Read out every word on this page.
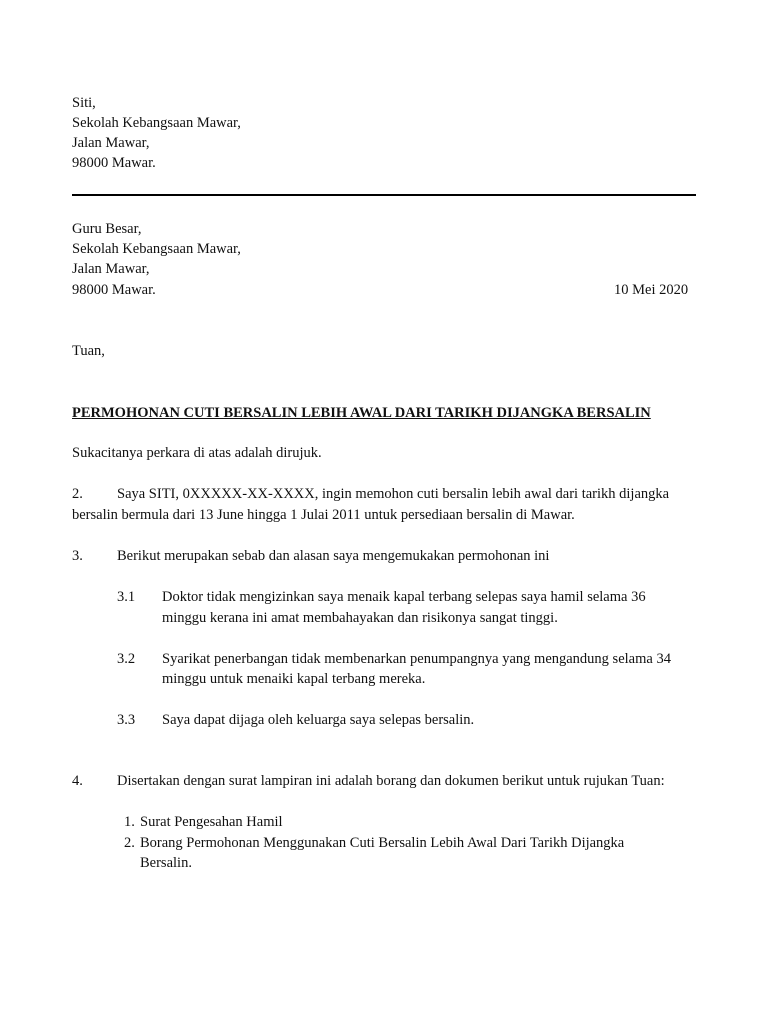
Siti,
Sekolah Kebangsaan Mawar,
Jalan Mawar,
98000 Mawar.
Guru Besar,
Sekolah Kebangsaan Mawar,
Jalan Mawar,
98000 Mawar.	10 Mei 2020
Tuan,
PERMOHONAN CUTI BERSALIN LEBIH AWAL DARI TARIKH DIJANGKA BERSALIN
Sukacitanya perkara di atas adalah dirujuk.
2. Saya SITI, 0XXXXX-XX-XXXX, ingin memohon cuti bersalin lebih awal dari tarikh dijangka
bersalin bermula dari 13 June hingga 1 Julai 2011 untuk persediaan bersalin di Mawar.
3. Berikut merupakan sebab dan alasan saya mengemukakan permohonan ini
3.1 Doktor tidak mengizinkan saya menaik kapal terbang selepas saya hamil selama 36
minggu kerana ini amat membahayakan dan risikonya sangat tinggi.
3.2 Syarikat penerbangan tidak membenarkan penumpangnya yang mengandung selama 34
minggu untuk menaiki kapal terbang mereka.
3.3 Saya dapat dijaga oleh keluarga saya selepas bersalin.
4. Disertakan dengan surat lampiran ini adalah borang dan dokumen berikut untuk rujukan Tuan:
1. Surat Pengesahan Hamil
2. Borang Permohonan Menggunakan Cuti Bersalin Lebih Awal Dari Tarikh Dijangka
Bersalin.
